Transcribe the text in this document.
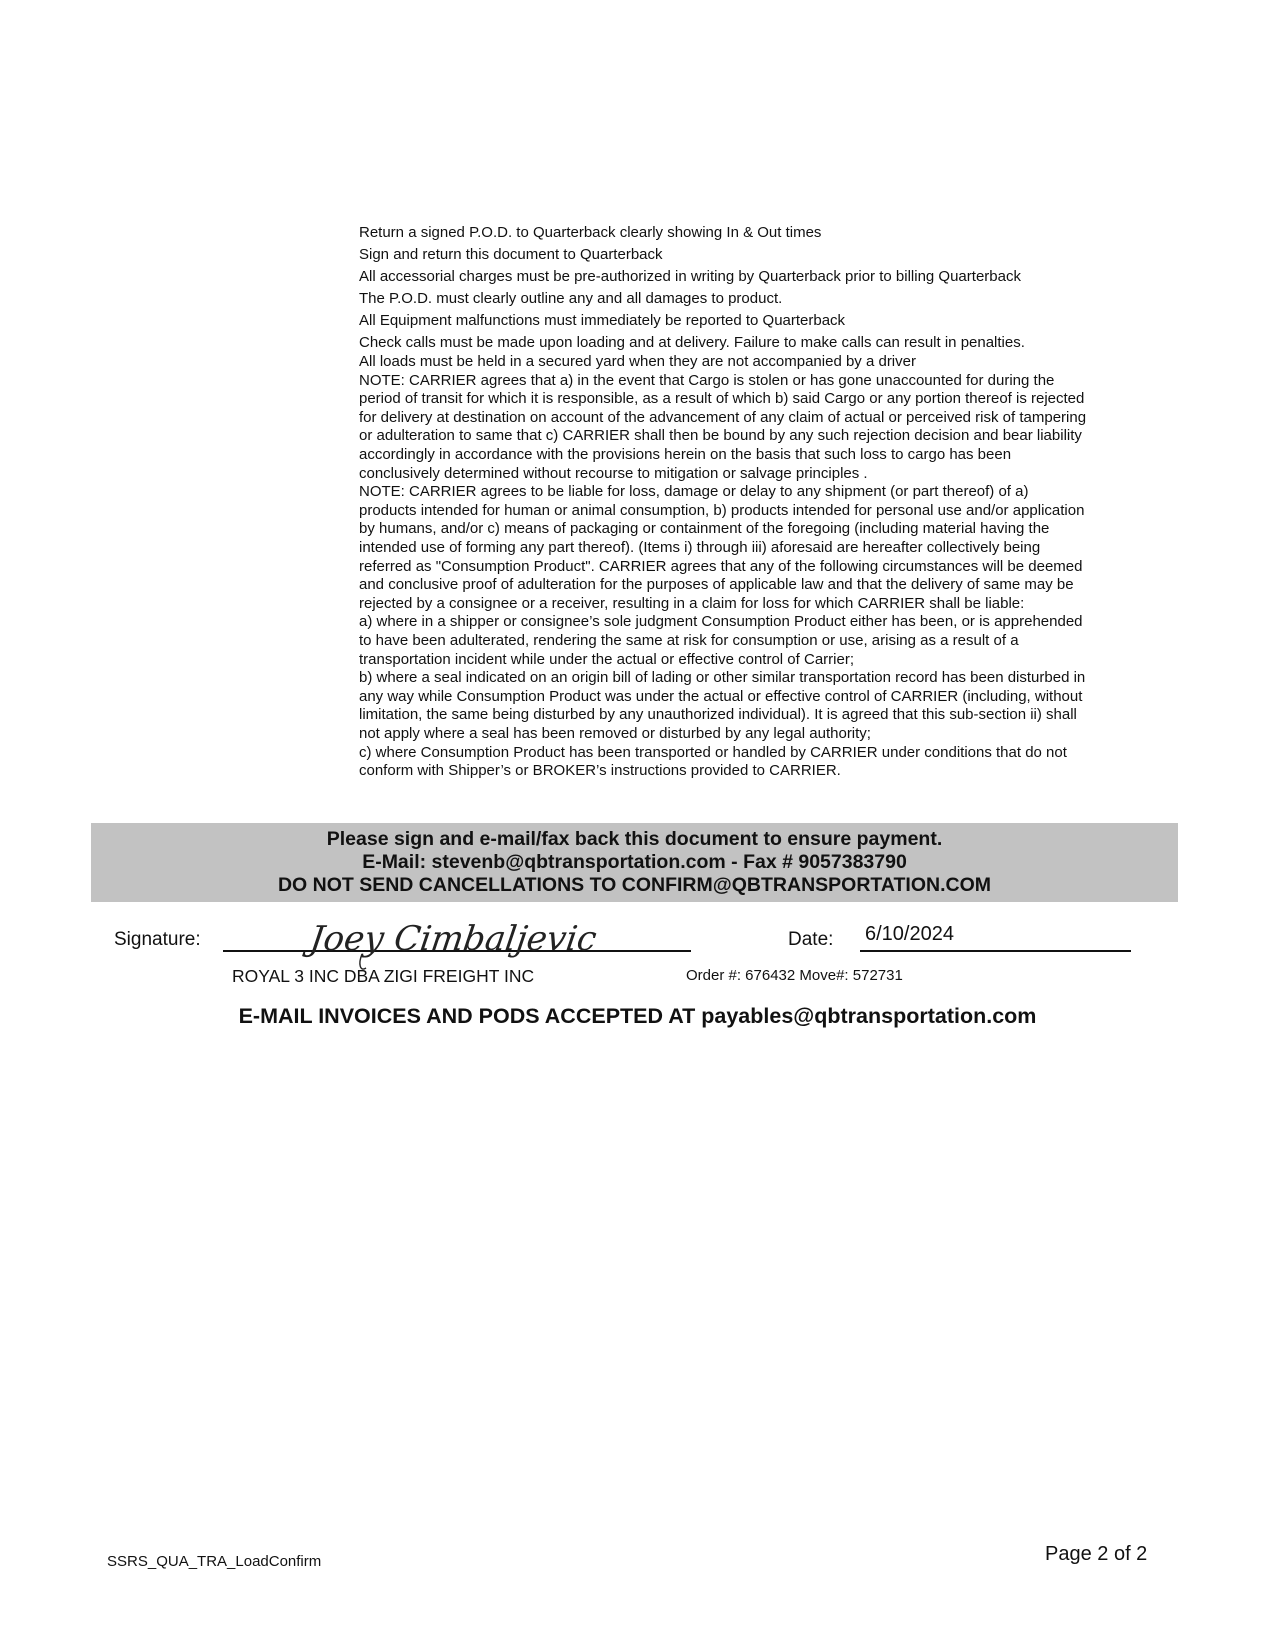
Return a signed P.O.D. to Quarterback clearly showing In & Out times
Sign and return this document to Quarterback
All accessorial charges must be pre-authorized in writing by Quarterback prior to billing Quarterback
The P.O.D. must clearly outline any and all damages to product.
All Equipment malfunctions must immediately be reported to Quarterback
Check calls must be made upon loading and at delivery. Failure to make calls can result in penalties.
All loads must be held in a secured yard when they are not accompanied by a driver
NOTE: CARRIER agrees that a) in the event that Cargo is stolen or has gone unaccounted for during the
period of transit for which it is responsible, as a result of which b) said Cargo or any portion thereof is rejected
for delivery at destination on account of the advancement of any claim of actual or perceived risk of tampering
or adulteration to same that c) CARRIER shall then be bound by any such rejection decision and bear liability
accordingly in accordance with the provisions herein on the basis that such loss to cargo has been
conclusively determined without recourse to mitigation or salvage principles .
NOTE: CARRIER agrees to be liable for loss, damage or delay to any shipment (or part thereof) of a)
products intended for human or animal consumption, b) products intended for personal use and/or application
by humans, and/or c) means of packaging or containment of the foregoing (including material having the
intended use of forming any part thereof). (Items i) through iii) aforesaid are hereafter collectively being
referred as "Consumption Product". CARRIER agrees that any of the following circumstances will be deemed
and conclusive proof of adulteration for the purposes of applicable law and that the delivery of same may be
rejected by a consignee or a receiver, resulting in a claim for loss for which CARRIER shall be liable:
a) where in a shipper or consignee’s sole judgment Consumption Product either has been, or is apprehended
to have been adulterated, rendering the same at risk for consumption or use, arising as a result of a
transportation incident while under the actual or effective control of Carrier;
b) where a seal indicated on an origin bill of lading or other similar transportation record has been disturbed in
any way while Consumption Product was under the actual or effective control of CARRIER (including, without
limitation, the same being disturbed by any unauthorized individual). It is agreed that this sub-section ii) shall
not apply where a seal has been removed or disturbed by any legal authority;
c) where Consumption Product has been transported or handled by CARRIER under conditions that do not
conform with Shipper’s or BROKER’s instructions provided to CARRIER.
Please sign and e-mail/fax back this document to ensure payment.
E-Mail: stevenb@qbtransportation.com - Fax # 9057383790
DO NOT SEND CANCELLATIONS TO CONFIRM@QBTRANSPORTATION.COM
Signature:	Joey Cimbaljevic	Date: 6/10/2024
ROYAL 3 INC DBA ZIGI FREIGHT INC	Order #: 676432 Move#: 572731
E-MAIL INVOICES AND PODS ACCEPTED AT payables@qbtransportation.com
SSRS_QUA_TRA_LoadConfirm	Page 2 of 2
